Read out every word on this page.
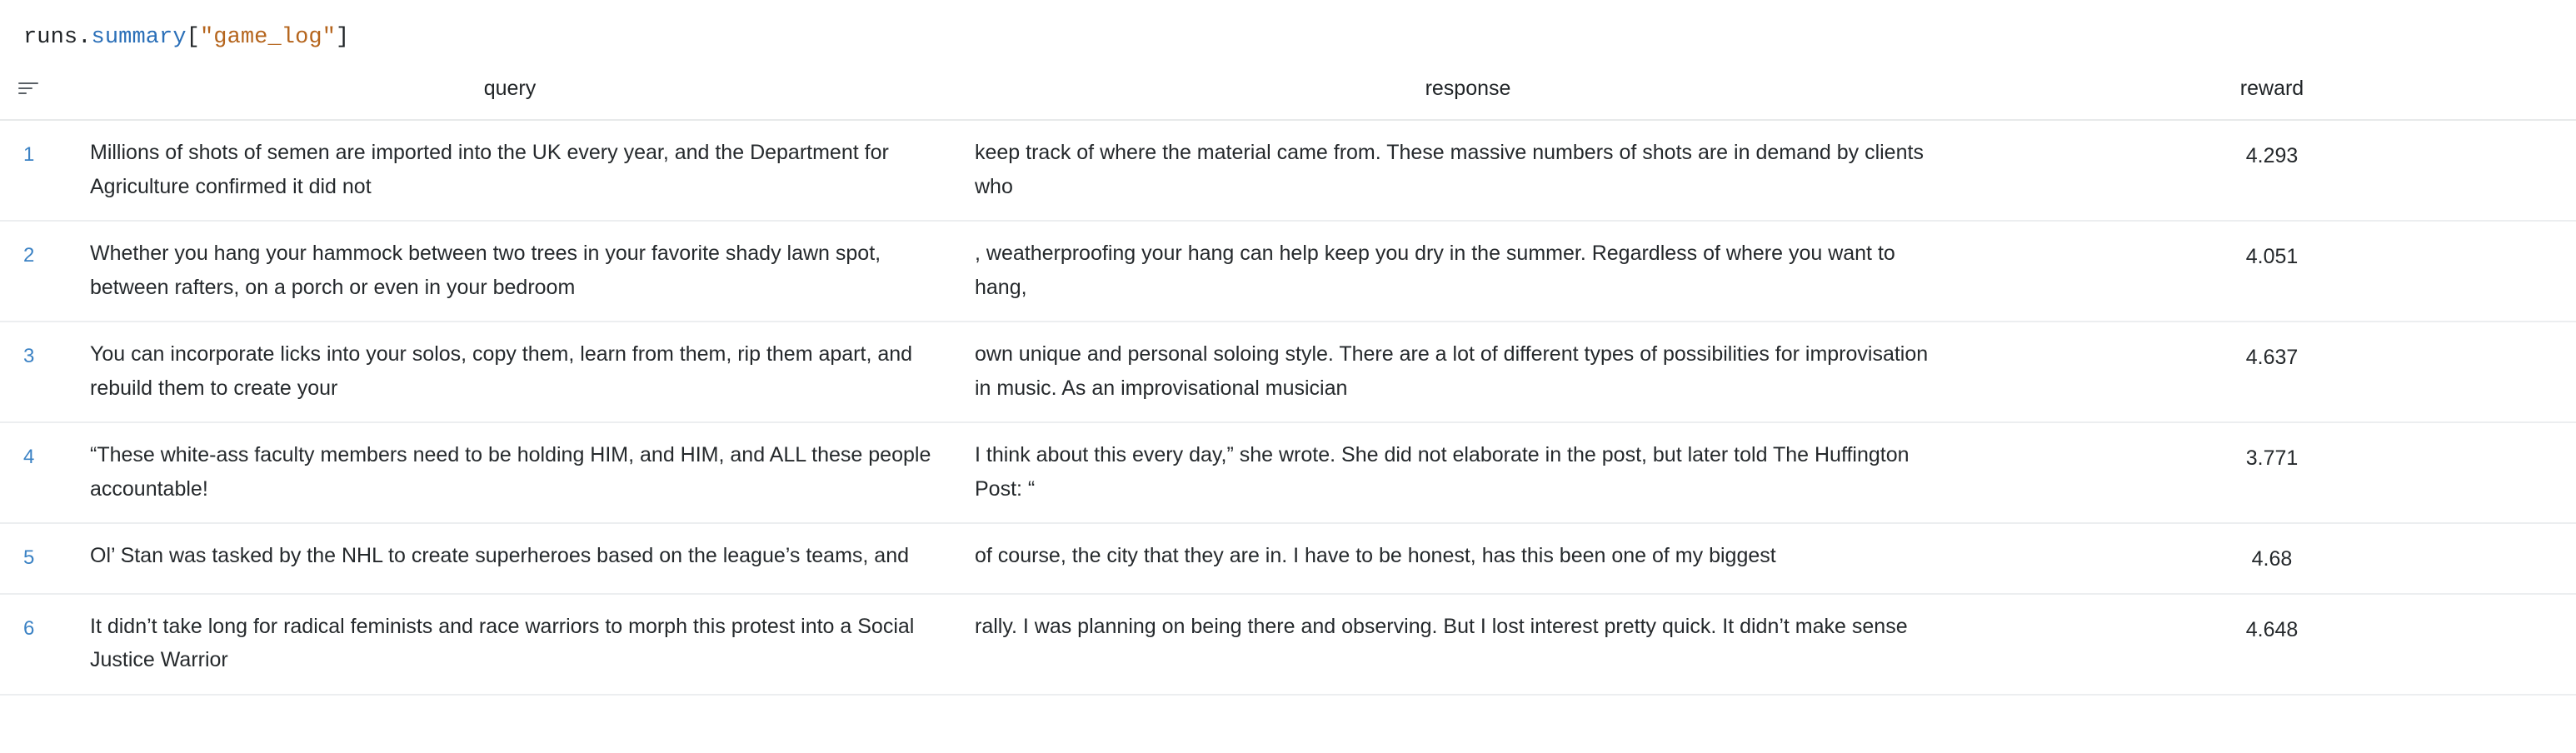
runs.summary["game_log"]
	query	response	reward
1	Millions of shots of semen are imported into the UK every year, and the Department for Agriculture confirmed it did not	keep track of where the material came from. These massive numbers of shots are in demand by clients who	4.293
2	Whether you hang your hammock between two trees in your favorite shady lawn spot, between rafters, on a porch or even in your bedroom	, weatherproofing your hang can help keep you dry in the summer. Regardless of where you want to hang,	4.051
3	You can incorporate licks into your solos, copy them, learn from them, rip them apart, and rebuild them to create your	own unique and personal soloing style. There are a lot of different types of possibilities for improvisation in music. As an improvisational musician	4.637
4	“These white-ass faculty members need to be holding HIM, and HIM, and ALL these people accountable!	I think about this every day,” she wrote. She did not elaborate in the post, but later told The Huffington Post: “	3.771
5	Ol’ Stan was tasked by the NHL to create superheroes based on the league’s teams, and	of course, the city that they are in. I have to be honest, has this been one of my biggest	4.68
6	It didn’t take long for radical feminists and race warriors to morph this protest into a Social Justice Warrior	rally. I was planning on being there and observing. But I lost interest pretty quick. It didn’t make sense	4.648
